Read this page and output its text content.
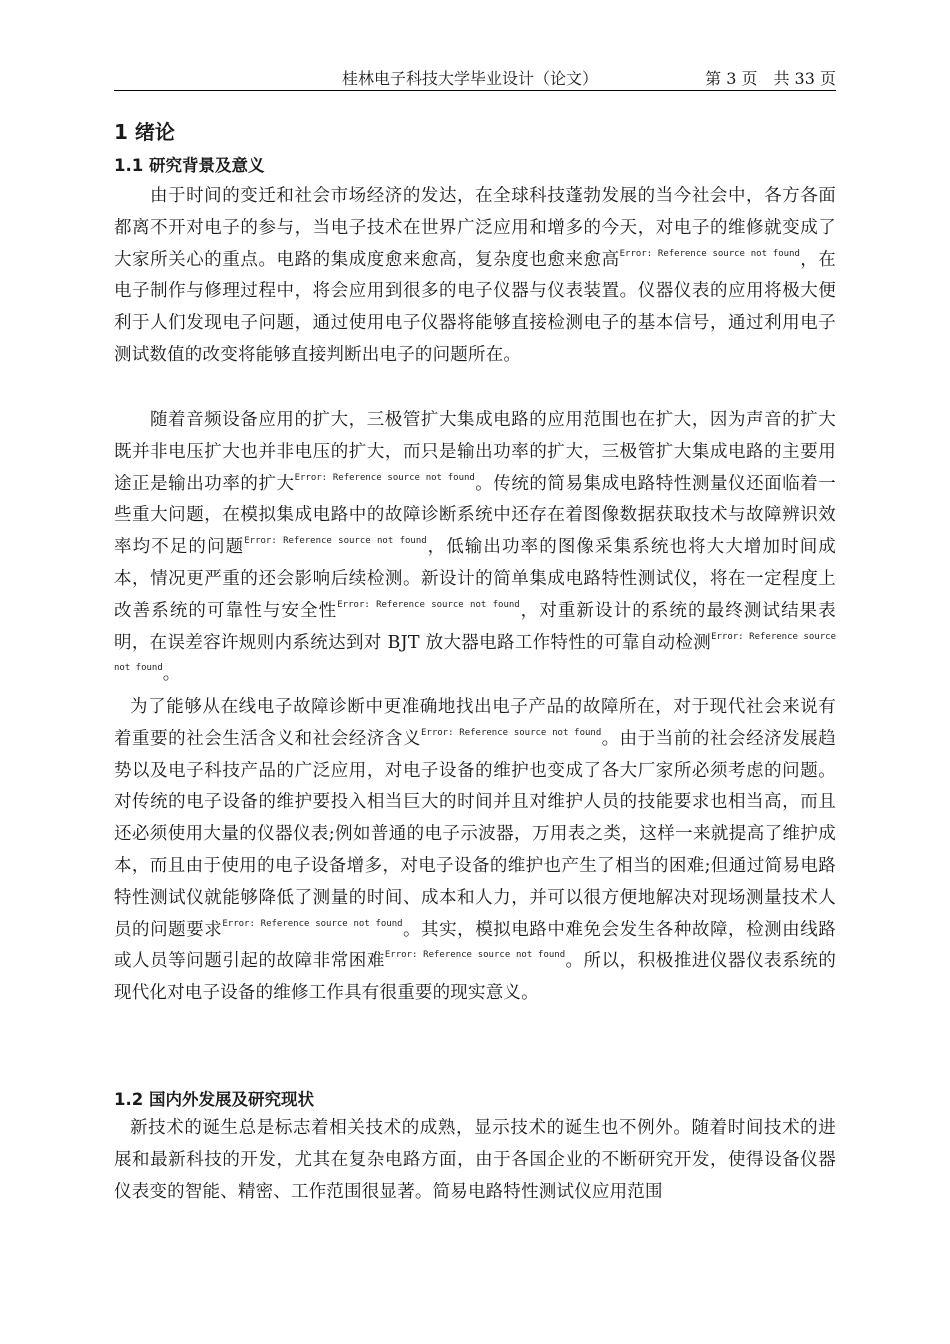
桂林电子科技大学毕业设计（论文）	第 3 页　共 33 页
1 绪论
1.1 研究背景及意义

由于时间的变迁和社会市场经济的发达，在全球科技蓬勃发展的当今社会中，各方各面都离不开对电子的参与，当电子技术在世界广泛应用和增多的今天，对电子的维修就变成了大家所关心的重点。电路的集成度愈来愈高，复杂度也愈来愈高$^{Error: Reference source not found}$，在电子制作与修理过程中，将会应用到很多的电子仪器与仪表装置。仪器仪表的应用将极大便利于人们发现电子问题，通过使用电子仪器将能够直接检测电子的基本信号，通过利用电子测试数值的改变将能够直接判断出电子的问题所在。

随着音频设备应用的扩大，三极管扩大集成电路的应用范围也在扩大，因为声音的扩大既并非电压扩大也并非电压的扩大，而只是输出功率的扩大，三极管扩大集成电路的主要用途正是输出功率的扩大$^{Error: Reference source not found}$。传统的简易集成电路特性测量仪还面临着一些重大问题，在模拟集成电路中的故障诊断系统中还存在着图像数据获取技术与故障辨识效率均不足的问题$^{Error: Reference source not found}$，低输出功率的图像采集系统也将大大增加时间成本，情况更严重的还会影响后续检测。新设计的简单集成电路特性测试仪，将在一定程度上改善系统的可靠性与安全性$^{Error: Reference source not found}$，对重新设计的系统的最终测试结果表明，在误差容许规则内系统达到对 BJT 放大器电路工作特性的可靠自动检测$^{Error: Reference source not found}$。

为了能够从在线电子故障诊断中更准确地找出电子产品的故障所在，对于现代社会来说有着重要的社会生活含义和社会经济含义$^{Error: Reference source not found}$。由于当前的社会经济发展趋势以及电子科技产品的广泛应用，对电子设备的维护也变成了各大厂家所必须考虑的问题。对传统的电子设备的维护要投入相当巨大的时间并且对维护人员的技能要求也相当高，而且还必须使用大量的仪器仪表;例如普通的电子示波器，万用表之类，这样一来就提高了维护成本，而且由于使用的电子设备增多，对电子设备的维护也产生了相当的困难;但通过简易电路特性测试仪就能够降低了测量的时间、成本和人力，并可以很方便地解决对现场测量技术人员的问题要求$^{Error: Reference source not found}$。其实，模拟电路中难免会发生各种故障，检测由线路或人员等问题引起的故障非常困难$^{Error: Reference source not found}$。所以，积极推进仪器仪表系统的现代化对电子设备的维修工作具有很重要的现实意义。

1.2 国内外发展及研究现状

新技术的诞生总是标志着相关技术的成熟，显示技术的诞生也不例外。随着时间技术的进展和最新科技的开发，尤其在复杂电路方面，由于各国企业的不断研究开发，使得设备仪器仪表变的智能、精密、工作范围很显著。简易电路特性测试仪应用范围
